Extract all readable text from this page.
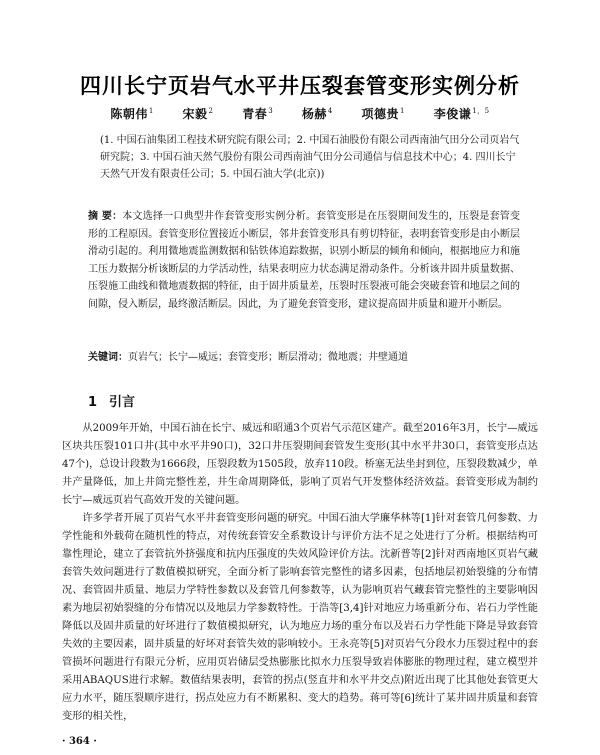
四川长宁页岩气水平井压裂套管变形实例分析
陈朝伟$^1$ 宋毅$^2$ 青春$^3$ 杨赫$^4$ 项德贵$^1$ 李俊谦$^{1,5}$
(1. 中国石油集团工程技术研究院有限公司；2. 中国石油股份有限公司西南油气田分公司页岩气研究院；3. 中国石油天然气股份有限公司西南油气田分公司通信与信息技术中心；4. 四川长宁天然气开发有限责任公司；5. 中国石油大学(北京))
摘 要：本文选择一口典型井作套管变形实例分析。套管变形是在压裂期间发生的，压裂是套管变形的工程原因。套管变形位置接近小断层，邻井套管变形具有剪切特征，表明套管变形是由小断层滑动引起的。利用微地震监测数据和钻铁体追踪数据，识别小断层的倾角和倾向，根据地应力和施工压力数据分析该断层的力学活动性，结果表明应力状态满足滑动条件。分析该井固井质量数据、压裂施工曲线和微地震数据的特征，由于固井质量差，压裂时压裂液可能会突破套管和地层之间的间隙，侵入断层，最终激活断层。因此，为了避免套管变形，建议提高固井质量和避开小断层。
关键词：页岩气；长宁—威远；套管变形；断层滑动；微地震；井壁通道
1 引言

从2009年开始，中国石油在长宁、威远和昭通3个页岩气示范区建产。截至2016年3月，长宁—威远区块共压裂101口井(其中水平井90口)，32口井压裂期间套管发生变形(其中水平井30口，套管变形点达47个)，总设计段数为1666段，压裂段数为1505段，放弃110段。桥塞无法坐封到位，压裂段数减少，单井产量降低，加上井筒完整性差，井生命周期降低，影响了页岩气开发整体经济效益。套管变形成为制约长宁—威远页岩气高效开发的关键问题。

许多学者开展了页岩气水平井套管变形问题的研究。中国石油大学廉华林等[1]针对套管几何参数、力学性能和外载荷在随机性的特点，对传统套管安全系数设计与评价方法不足之处进行了分析。根据结构可靠性理论，建立了套管抗外挤强度和抗内压强度的失效风险评价方法。沈新普等[2]针对西南地区页岩气藏套管失效问题进行了数值模拟研究，全面分析了影响套管完整性的诸多因素，包括地层初始裂缝的分布情况、套管固井质量、地层力学特性参数以及套管几何参数等，认为影响页岩气藏套管完整性的主要影响因素为地层初始裂缝的分布情况以及地层力学参数特性。于浩等[3,4]针对地应力场重新分布、岩石力学性能降低以及固井质量的好坏进行了数值模拟研究，认为地应力场的重分布以及岩石力学性能下降是导致套管失效的主要因素，固井质量的好坏对套管失效的影响较小。王永亮等[5]对页岩气分段水力压裂过程中的套管损坏问题进行有限元分析，应用页岩储层受热膨胀比拟水力压裂导致岩体膨胀的物理过程，建立模型并采用ABAQUS进行求解。数值结果表明，套管的拐点(竖直井和水平井交点)附近出现了比其他处套管更大应力水平，随压裂顺序进行，拐点处应力有不断累积、变大的趋势。蒋可等[6]统计了某井固井质量和套管变形的相关性，

· 364 ·
